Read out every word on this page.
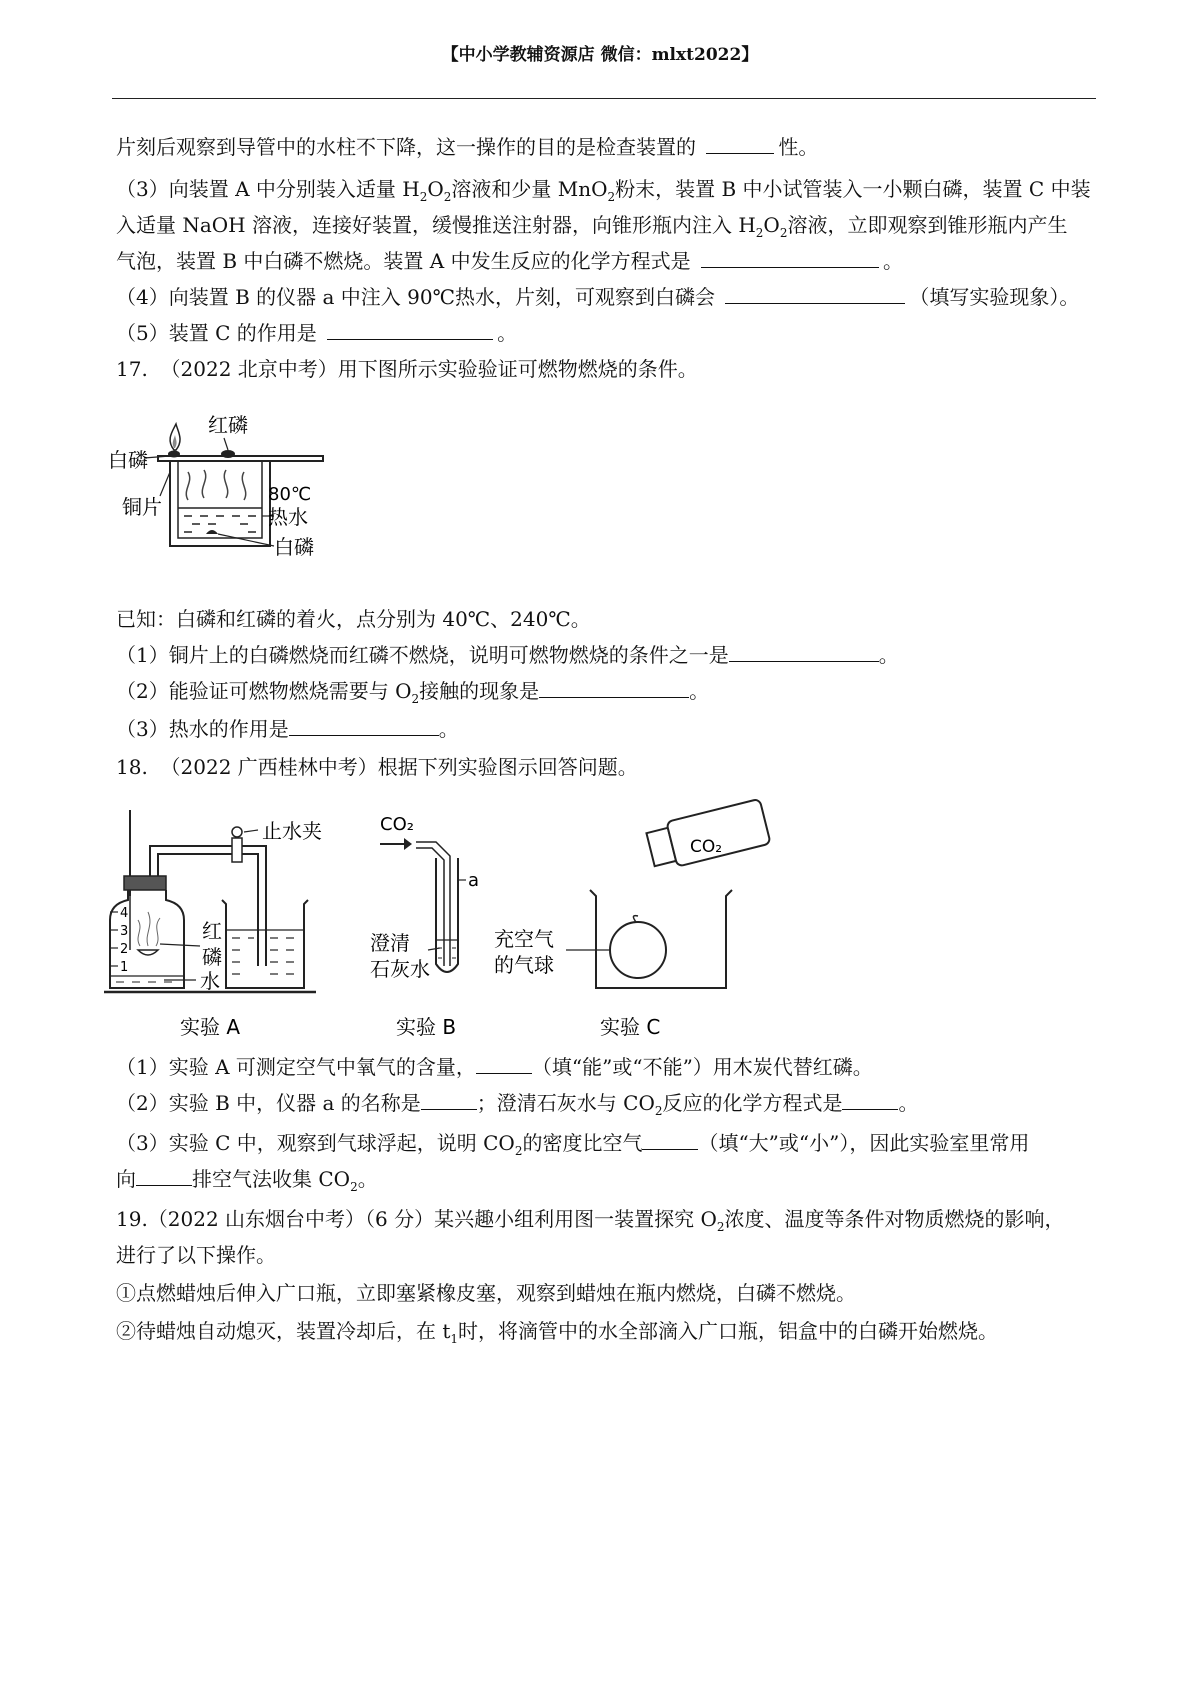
【中小学教辅资源店 微信：mlxt2022】
片刻后观察到导管中的水柱不下降，这一操作的目的是检查装置的	性。
（3）向装置 A 中分别装入适量 $H_2O_2$溶液和少量 MnO$_2$粉末，装置 B 中小试管装入一小颗白磷，装置 C 中装
入适量 NaOH 溶液，连接好装置，缓慢推送注射器，向锥形瓶内注入 $H_2O_2$溶液，立即观察到锥形瓶内产生
气泡，装置 B 中白磷不燃烧。装置 A 中发生反应的化学方程式是	。
（4）向装置 B 的仪器 a 中注入 90℃热水，片刻，可观察到白磷会	（填写实验现象）。
（5）装置 C 的作用是	。
17.  （2022 北京中考）用下图所示实验验证可燃物燃烧的条件。
红磷
白磷
铜片
80℃
热水
白磷
已知：白磷和红磷的着火，点分别为 40℃、240℃。
（1）铜片上的白磷燃烧而红磷不燃烧，说明可燃物燃烧的条件之一是	。
（2）能验证可燃物燃烧需要与 $O_2$接触的现象是	。
（3）热水的作用是	。
18.  （2022 广西桂林中考）根据下列实验图示回答问题。
4
3
2
1
止水夹
红
磷
水
实验 A
CO₂
a
澄清
石灰水
实验 B
CO₂
充空气
的气球
实验 C
（1）实验 A 可测定空气中氧气的含量，	（填“能”或“不能”）用木炭代替红磷。
（2）实验 B 中，仪器 a 的名称是	；澄清石灰水与 $CO_2$反应的化学方程式是	。
（3）实验 C 中，观察到气球浮起，说明 $CO_2$的密度比空气	（填“大”或“小”），因此实验室里常用
向	排空气法收集 $CO_2$。
19.（2022 山东烟台中考）（6 分）某兴趣小组利用图一装置探究 $O_2$浓度、温度等条件对物质燃烧的影响，
进行了以下操作。
①点燃蜡烛后伸入广口瓶，立即塞紧橡皮塞，观察到蜡烛在瓶内燃烧，白磷不燃烧。
②待蜡烛自动熄灭，装置冷却后，在 $t_1$时，将滴管中的水全部滴入广口瓶，铝盒中的白磷开始燃烧。
